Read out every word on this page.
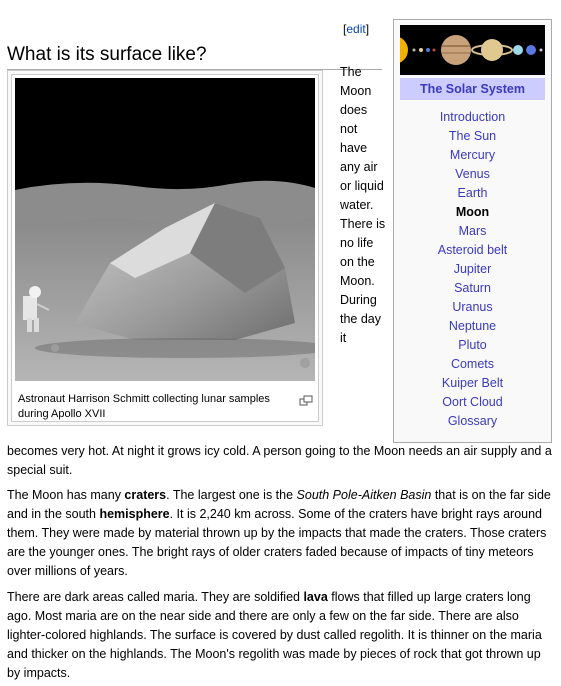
What is its surface like?
[edit]
Astronaut Harrison Schmitt collecting lunar samples during Apollo XVII
The Moon does not have any air or liquid water. There is no life on the Moon. During the day it
The Solar System
Introduction
The Sun
Mercury
Venus
Earth
Moon
Mars
Asteroid belt
Jupiter
Saturn
Uranus
Neptune
Pluto
Comets
Kuiper Belt
Oort Cloud
Glossary

becomes very hot. At night it grows icy cold. A person going to the Moon needs an air supply and a special suit.

The Moon has many craters. The largest one is the South Pole-Aitken Basin that is on the far side and in the south hemisphere. It is 2,240 km across. Some of the craters have bright rays around them. They were made by material thrown up by the impacts that made the craters. Those craters are the younger ones. The bright rays of older craters faded because of impacts of tiny meteors over millions of years.

There are dark areas called maria. They are soldified lava flows that filled up large craters long ago. Most maria are on the near side and there are only a few on the far side. There are also lighter-colored highlands. The surface is covered by dust called regolith. It is thinner on the maria and thicker on the highlands. The Moon's regolith was made by pieces of rock that got thrown up by impacts.
